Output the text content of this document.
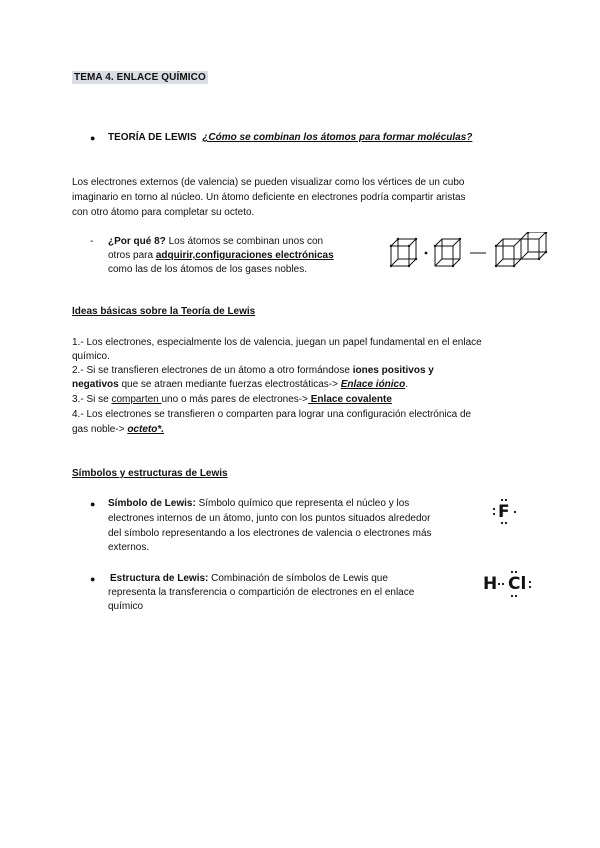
TEMA 4. ENLACE QUÍMICO
● TEORÍA DE LEWIS ¿Cómo se combinan los átomos para formar moléculas?
Los electrones externos (de valencia) se pueden visualizar como los vértices de un cubo
imaginario en torno al núcleo. Un átomo deficiente en electrones podría compartir aristas
con otro átomo para completar su octeto.
- ¿Por qué 8? Los átomos se combinan unos con
otros para adquirir,configuraciones electrónicas
como las de los átomos de los gases nobles.
Ideas básicas sobre la Teoría de Lewis
1.- Los electrones, especialmente los de valencia, juegan un papel fundamental en el enlace
químico.
2.- Si se transfieren electrones de un átomo a otro formándose iones positivos y
negativos que se atraen mediante fuerzas electrostáticas-> Enlace iónico.
3.- Si se comparten uno o más pares de electrones-> Enlace covalente
4.- Los electrones se transfieren o comparten para lograr una configuración electrónica de
gas noble-> octeto*.
Símbolos y estructuras de Lewis
● Símbolo de Lewis: Símbolo químico que representa el núcleo y los
electrones internos de un átomo, junto con los puntos situados alrededor
del símbolo representando a los electrones de valencia o electrones más
externos.
F
● Estructura de Lewis: Combinación de símbolos de Lewis que
representa la transferencia o compartición de electrones en el enlace
químico
H Cl
